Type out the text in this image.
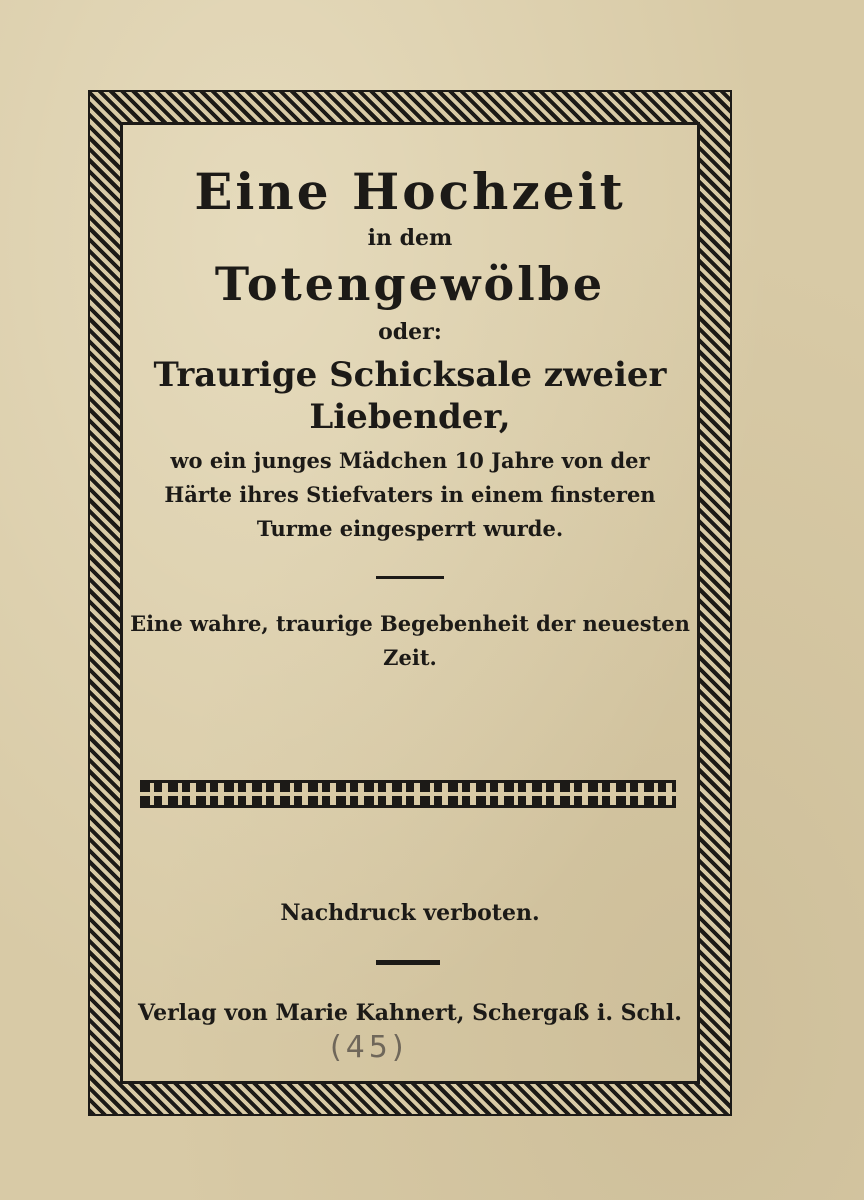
Eine Hochzeit
in dem
Totengewölbe
oder:
Traurige Schicksale zweier
Liebender,
wo ein junges Mädchen 10 Jahre von der
Härte ihres Stiefvaters in einem finsteren
Turme eingesperrt wurde.
Eine wahre, traurige Begebenheit der neuesten
Zeit.
Nachdruck verboten.
Verlag von Marie Kahnert, Schergaß i. Schl.
(45)
